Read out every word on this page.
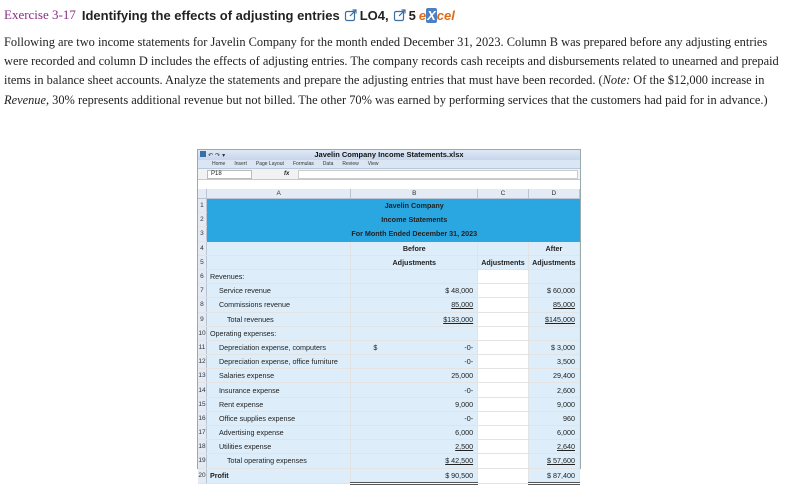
Exercise 3-17 Identifying the effects of adjusting entries LO4, 5 eXcel
Following are two income statements for Javelin Company for the month ended December 31, 2023. Column B was prepared before any adjusting entries were recorded and column D includes the effects of adjusting entries. The company records cash receipts and disbursements related to unearned and prepaid items in balance sheet accounts. Analyze the statements and prepare the adjusting entries that must have been recorded. (Note: Of the $12,000 increase in Revenue, 30% represents additional revenue but not billed. The other 70% was earned by performing services that the customers had paid for in advance.)
↶ ↷ ▾	Javelin Company Income Statements.xlsx
Home Insert Page Layout Formulas Data Review View
P18	fx
	A	B	C	D
1		Javelin Company		
2		Income Statements		
3		For Month Ended December 31, 2023		
4		Before		After
5		Adjustments	Adjustments	Adjustments
6	Revenues:			
7	Service revenue	$ 48,000		$ 60,000
8	Commissions revenue	85,000		85,000
9	Total revenues	$133,000		$145,000
10	Operating expenses:			
11	Depreciation expense, computers	$ -0-		$ 3,000
12	Depreciation expense, office furniture	-0-		3,500
13	Salaries expense	25,000		29,400
14	Insurance expense	-0-		2,600
15	Rent expense	9,000		9,000
16	Office supplies expense	-0-		960
17	Advertising expense	6,000		6,000
18	Utilities expense	2,500		2,640
19	Total operating expenses	$ 42,500		$ 57,600
20	Profit	$ 90,500		$ 87,400
